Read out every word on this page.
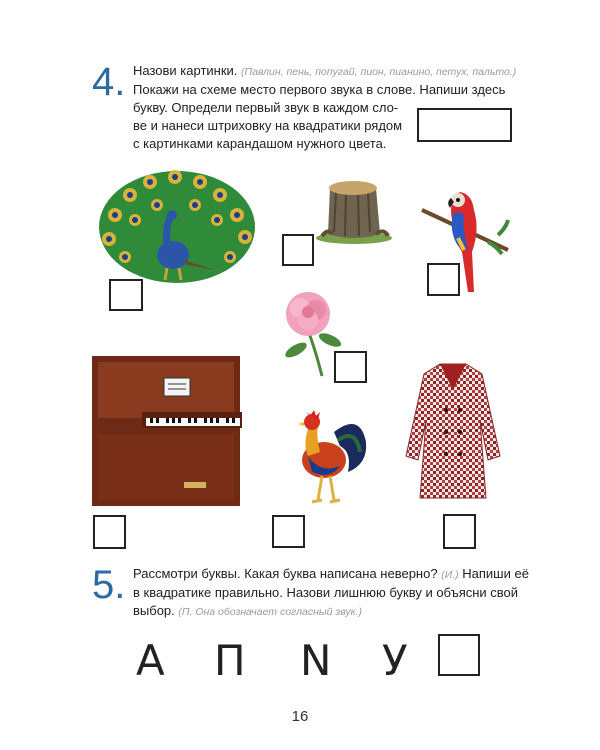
4. Назови картинки. (Павлин, пень, попугай, пион, пианино, петух, пальто.)
Покажи на схеме место первого звука в слове. Напиши здесь
букву. Определи первый звук в каждом сло-
ве и нанеси штриховку на квадратики рядом
с картинками карандашом нужного цвета.
5. Рассмотри буквы. Какая буква написана неверно? (И.) Напиши её
в квадратике правильно. Назови лишнюю букву и объясни свой
выбор. (П. Она обозначает согласный звук.)
А П N У
16
